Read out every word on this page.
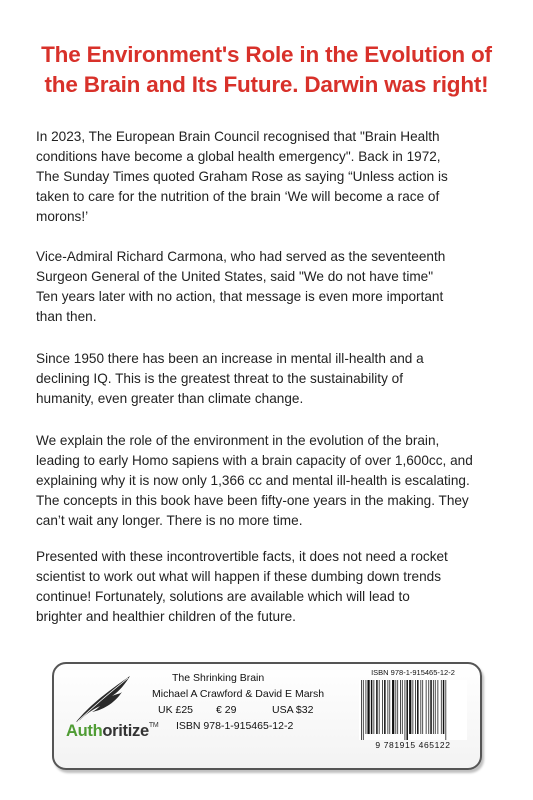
The Environment's Role in the Evolution of
the Brain and Its Future. Darwin was right!
In 2023, The European Brain Council recognised that "Brain Health
conditions have become a global health emergency". Back in 1972,
The Sunday Times quoted Graham Rose as saying “Unless action is
taken to care for the nutrition of the brain ‘We will become a race of
morons!’
Vice-Admiral Richard Carmona, who had served as the seventeenth
Surgeon General of the United States, said "We do not have time"
Ten years later with no action, that message is even more important
than then.
Since 1950 there has been an increase in mental ill-health and a
declining IQ. This is the greatest threat to the sustainability of
humanity, even greater than climate change.
We explain the role of the environment in the evolution of the brain,
leading to early Homo sapiens with a brain capacity of over 1,600cc, and
explaining why it is now only 1,366 cc and mental ill-health is escalating.
The concepts in this book have been fifty-one years in the making. They
can’t wait any longer. There is no more time.
Presented with these incontrovertible facts, it does not need a rocket
scientist to work out what will happen if these dumbing down trends
continue! Fortunately, solutions are available which will lead to
brighter and healthier children of the future.
Authoritize™
The Shrinking Brain
Michael A Crawford & David E Marsh
UK £25 € 29	USA $32
ISBN 978-1-915465-12-2
ISBN 978-1-915465-12-2
9 781915 465122
